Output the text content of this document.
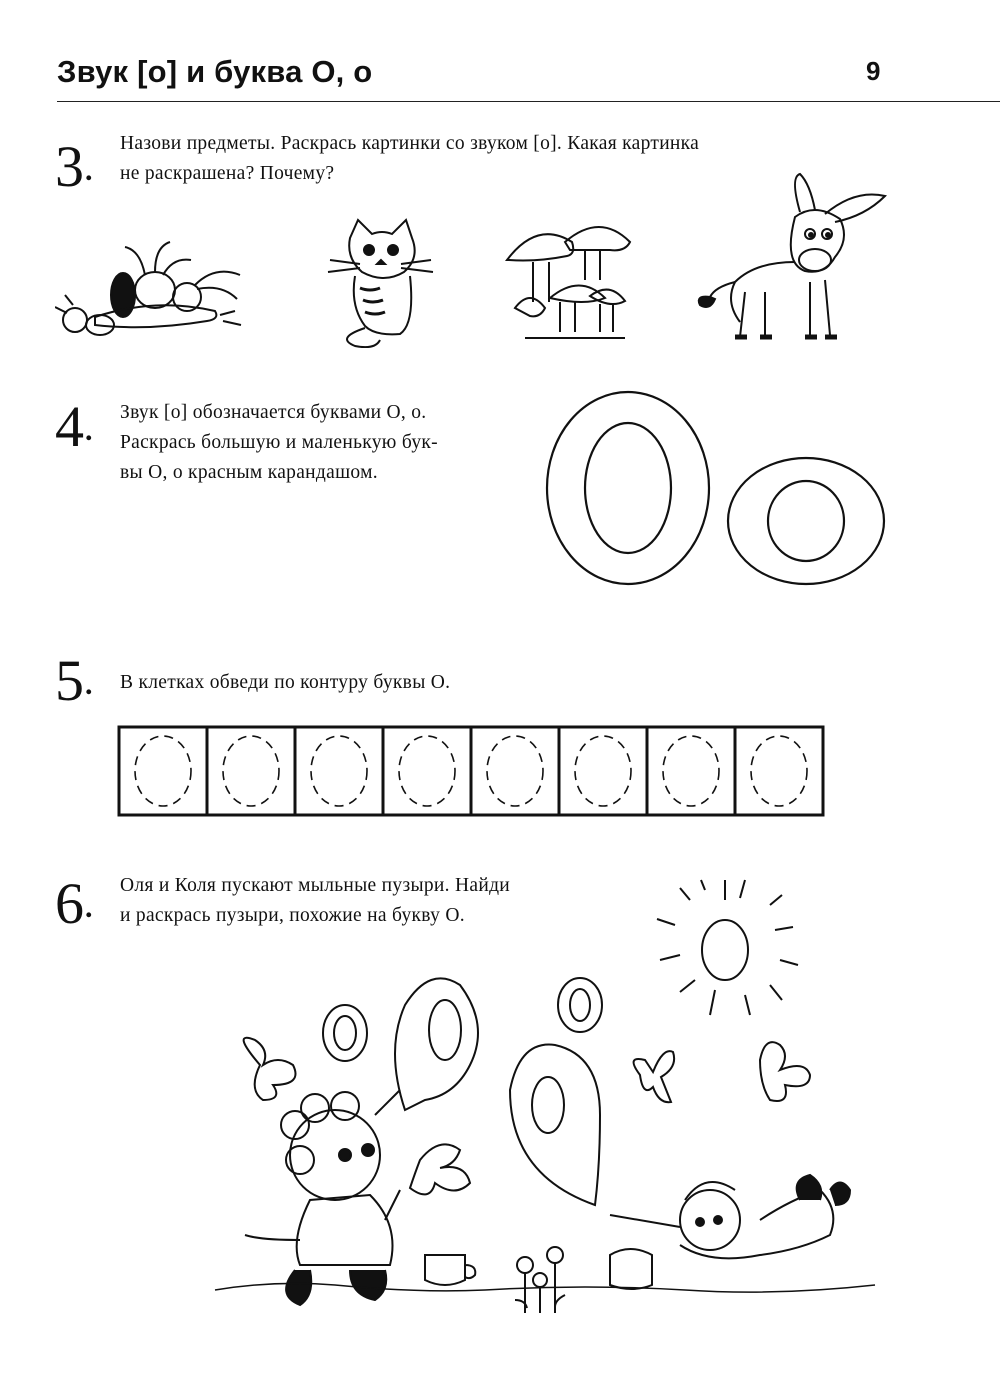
Звук [о] и буква О, о	9
3.
Назови предметы. Раскрась картинки со звуком [о]. Какая картинка
не раскрашена? Почему?
4.
Звук [о] обозначается буквами О, о.
Раскрась большую и маленькую бук-
вы О, о красным карандашом.
5. В клетках обведи по контуру буквы О.
6.
Оля и Коля пускают мыльные пузыри. Найди
и раскрась пузыри, похожие на букву О.
